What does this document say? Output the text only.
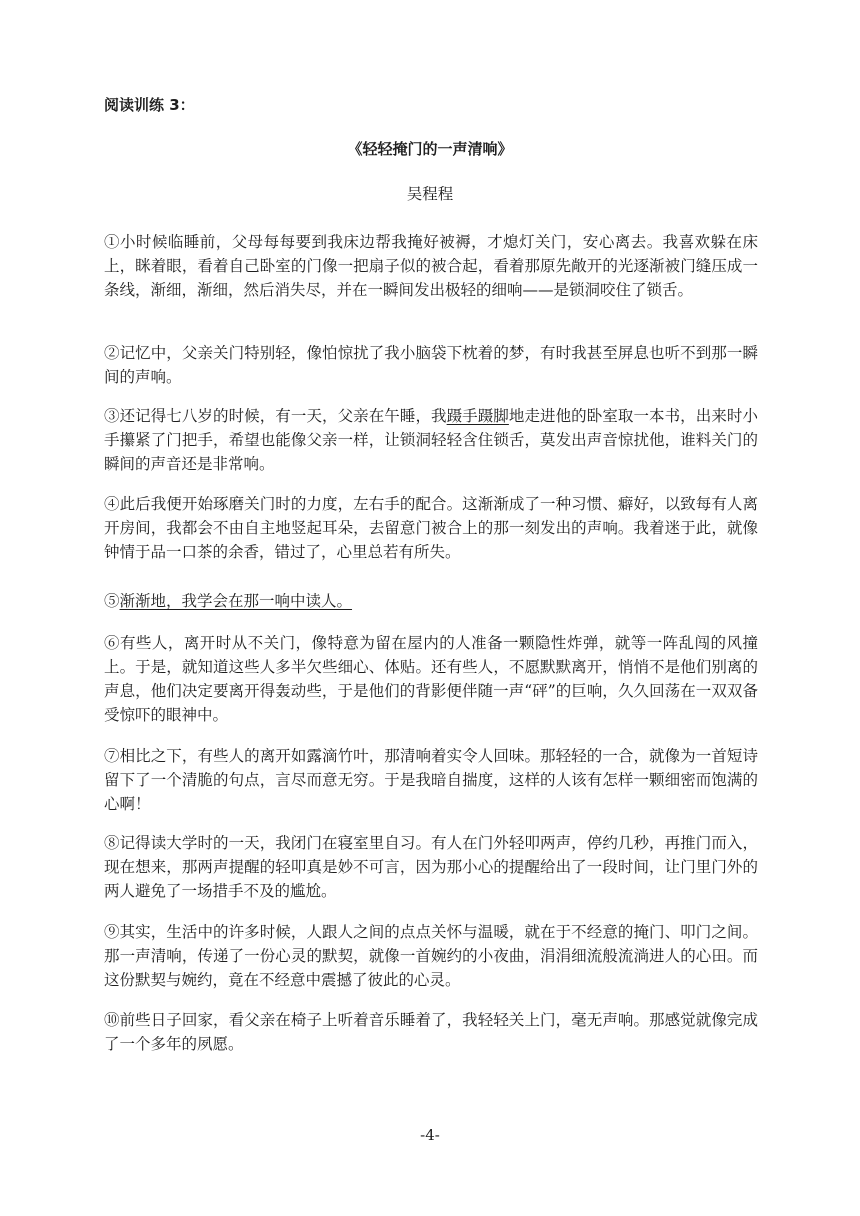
阅读训练 3：
《轻轻掩门的一声清响》
吴程程

①小时候临睡前，父母每每要到我床边帮我掩好被褥，才熄灯关门，安心离去。我喜欢躲在床上，眯着眼，看着自己卧室的门像一把扇子似的被合起，看着那原先敞开的光逐渐被门缝压成一条线，渐细，渐细，然后消失尽，并在一瞬间发出极轻的细响——是锁洞咬住了锁舌。

②记忆中，父亲关门特别轻，像怕惊扰了我小脑袋下枕着的梦，有时我甚至屏息也听不到那一瞬间的声响。

③还记得七八岁的时候，有一天，父亲在午睡，我蹑手蹑脚地走进他的卧室取一本书，出来时小手攥紧了门把手，希望也能像父亲一样，让锁洞轻轻含住锁舌，莫发出声音惊扰他，谁料关门的瞬间的声音还是非常响。

④此后我便开始琢磨关门时的力度，左右手的配合。这渐渐成了一种习惯、癖好，以致每有人离开房间，我都会不由自主地竖起耳朵，去留意门被合上的那一刻发出的声响。我着迷于此，就像钟情于品一口茶的余香，错过了，心里总若有所失。

⑤渐渐地，我学会在那一响中读人。

⑥有些人，离开时从不关门，像特意为留在屋内的人准备一颗隐性炸弹，就等一阵乱闯的风撞上。于是，就知道这些人多半欠些细心、体贴。还有些人，不愿默默离开，悄悄不是他们别离的声息，他们决定要离开得轰动些，于是他们的背影便伴随一声“砰”的巨响，久久回荡在一双双备受惊吓的眼神中。

⑦相比之下，有些人的离开如露滴竹叶，那清响着实令人回味。那轻轻的一合，就像为一首短诗留下了一个清脆的句点，言尽而意无穷。于是我暗自揣度，这样的人该有怎样一颗细密而饱满的心啊！

⑧记得读大学时的一天，我闭门在寝室里自习。有人在门外轻叩两声，停约几秒，再推门而入，现在想来，那两声提醒的轻叩真是妙不可言，因为那小心的提醒给出了一段时间，让门里门外的两人避免了一场措手不及的尴尬。

⑨其实，生活中的许多时候，人跟人之间的点点关怀与温暖，就在于不经意的掩门、叩门之间。那一声清响，传递了一份心灵的默契，就像一首婉约的小夜曲，涓涓细流般流淌进人的心田。而这份默契与婉约，竟在不经意中震撼了彼此的心灵。

⑩前些日子回家，看父亲在椅子上听着音乐睡着了，我轻轻关上门，毫无声响。那感觉就像完成了一个多年的夙愿。

-4-
